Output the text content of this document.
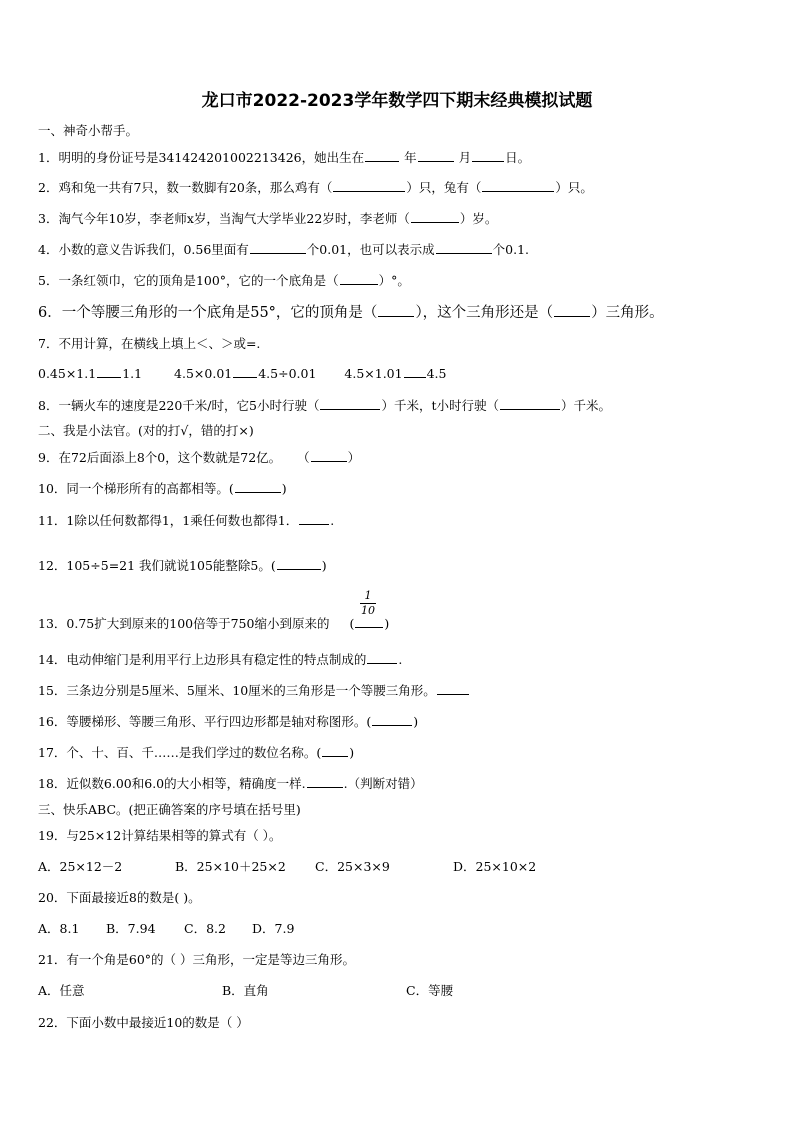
龙口市2022-2023学年数学四下期末经典模拟试题
一、神奇小帮手。
1．明明的身份证号是341424201002213426，她出生在	年	月	日。
2．鸡和兔一共有7只，数一数脚有20条，那么鸡有（	）只，兔有（	）只。
3．淘气今年10岁，李老师x岁，当淘气大学毕业22岁时，李老师（	）岁。
4．小数的意义告诉我们，0.56里面有	个0.01，也可以表示成	个0.1.
5．一条红领巾，它的顶角是100°，它的一个底角是（	）°。
6．一个等腰三角形的一个底角是55°，它的顶角是（	），这个三角形还是（	）三角形。
7．不用计算，在横线上填上＜、＞或=.
0.45×1.1 1.1	4.5×0.01 4.5÷0.01 4.5×1.01 4.5
8．一辆火车的速度是220千米/时，它5小时行驶（	）千米，t小时行驶（	）千米。
二、我是小法官。(对的打√，错的打×)
9．在72后面添上8个0，这个数就是72亿。 （	）
10．同一个梯形所有的高都相等。(	)
11．1除以任何数都得1，1乘任何数也都得1．	.
12．105÷5=21 我们就说105能整除5。(	)
1
10
13．0.75扩大到原来的100倍等于750缩小到原来的 ( )
14．电动伸缩门是利用平行上边形具有稳定性的特点制成的	.
15．三条边分别是5厘米、5厘米、10厘米的三角形是一个等腰三角形。
16．等腰梯形、等腰三角形、平行四边形都是轴对称图形。(	)
17．个、十、百、千……是我们学过的数位名称。( )
18．近似数6.00和6.0的大小相等，精确度一样.	.（判断对错）
三、快乐ABC。(把正确答案的序号填在括号里)
19．与25×12计算结果相等的算式有（ ）。
A．25×12－2	B．25×10＋25×2 C．25×3×9	D．25×10×2
20．下面最接近8的数是( )。
A．8.1 B．7.94 C．8.2 D．7.9
21．有一个角是60°的（ ）三角形，一定是等边三角形。
A．任意	B．直角	C．等腰
22．下面小数中最接近10的数是（ ）
